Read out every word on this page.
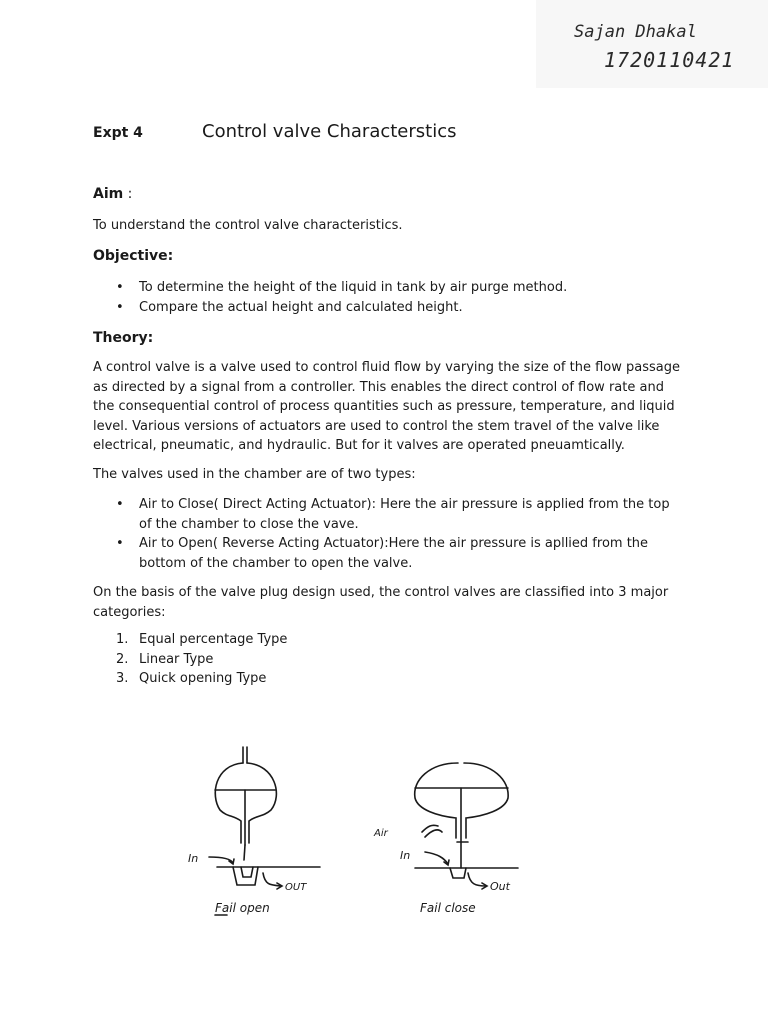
Sajan Dhakal
1720110421
Expt 4	Control valve Characterstics
Aim :
To understand the control valve characteristics.
Objective:
• To determine the height of the liquid in tank by air purge method.
• Compare the actual height and calculated height.
Theory:
A control valve is a valve used to control fluid flow by varying the size of the flow passage as directed by a signal from a controller. This enables the direct control of flow rate and the consequential control of process quantities such as pressure, temperature, and liquid level. Various versions of actuators are used to control the stem travel of the valve like electrical, pneumatic, and hydraulic. But for it valves are operated pneuamtically.
The valves used in the chamber are of two types:
• Air to Close( Direct Acting Actuator): Here the air pressure is applied from the top of the chamber to close the vave.
• Air to Open( Reverse Acting Actuator):Here the air pressure is apllied from the bottom of the chamber to open the valve.
On the basis of the valve plug design used, the control valves are classified into 3 major categories:
1. Equal percentage Type
2. Linear Type
3. Quick opening Type
In
OUT
Fail open
Air
In
Out
Fail close
